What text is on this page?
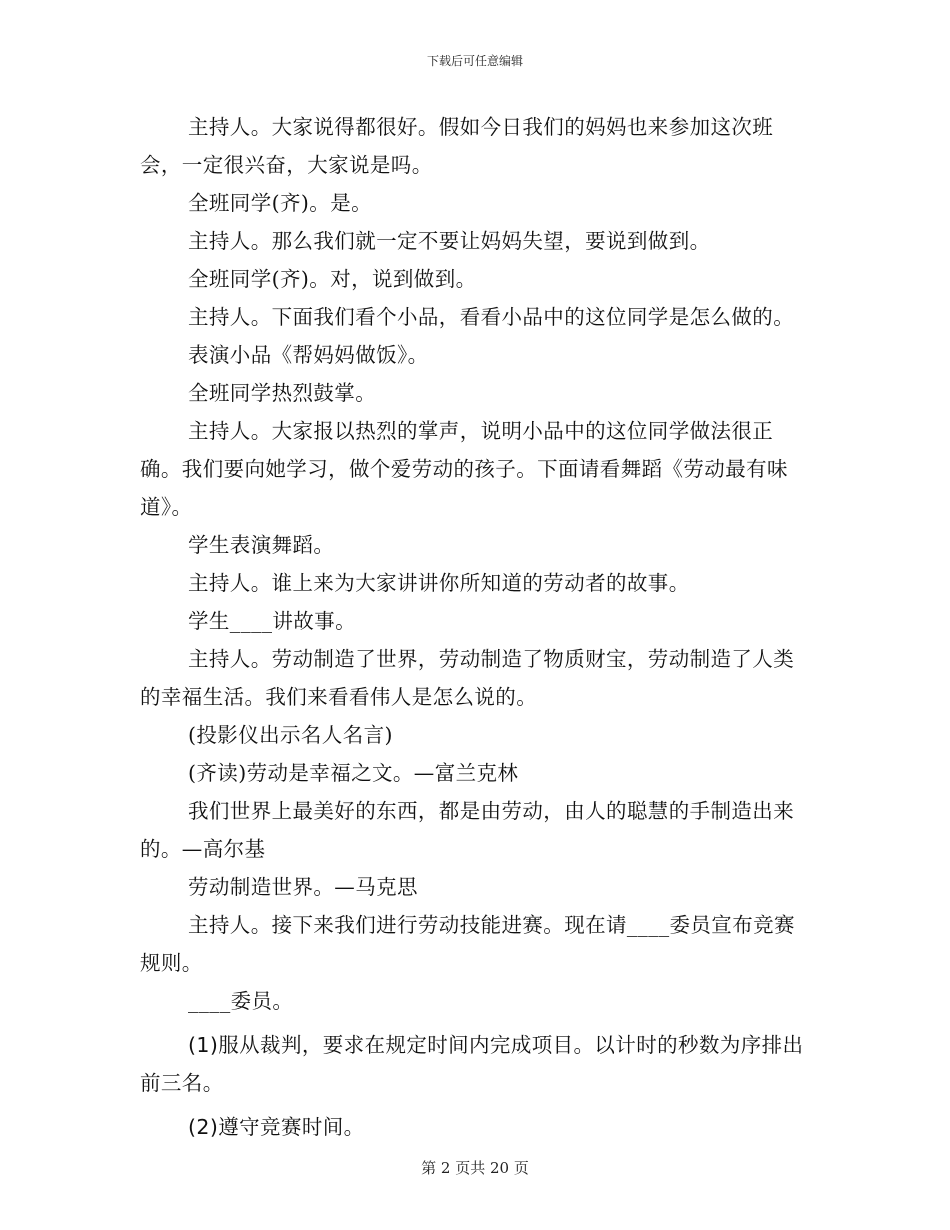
下载后可任意编辑

主持人。大家说得都很好。假如今日我们的妈妈也来参加这次班会，一定很兴奋，大家说是吗。

全班同学(齐)。是。

主持人。那么我们就一定不要让妈妈失望，要说到做到。

全班同学(齐)。对，说到做到。

主持人。下面我们看个小品，看看小品中的这位同学是怎么做的。

表演小品《帮妈妈做饭》。

全班同学热烈鼓掌。

主持人。大家报以热烈的掌声，说明小品中的这位同学做法很正确。我们要向她学习，做个爱劳动的孩子。下面请看舞蹈《劳动最有味道》。

学生表演舞蹈。

主持人。谁上来为大家讲讲你所知道的劳动者的故事。

学生____讲故事。

主持人。劳动制造了世界，劳动制造了物质财宝，劳动制造了人类的幸福生活。我们来看看伟人是怎么说的。

(投影仪出示名人名言)

(齐读)劳动是幸福之文。—富兰克林

我们世界上最美好的东西，都是由劳动，由人的聪慧的手制造出来的。—高尔基

劳动制造世界。—马克思

主持人。接下来我们进行劳动技能进赛。现在请____委员宣布竞赛规则。

____委员。

(1)服从裁判，要求在规定时间内完成项目。以计时的秒数为序排出前三名。

(2)遵守竞赛时间。

第 2 页共 20 页
